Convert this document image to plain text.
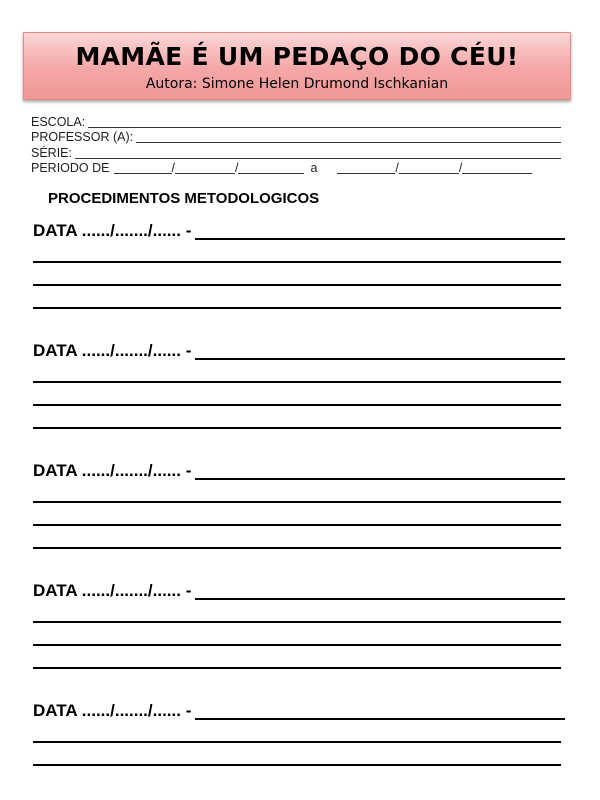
MAMÃE É UM PEDAÇO DO CÉU!
Autora: Simone Helen Drumond Ischkanian
ESCOLA:
PROFESSOR (A):
SÉRIE:
PERIODO DE	/	/	a	/	/
PROCEDIMENTOS METODOLOGICOS
DATA ....../......./...... -
DATA ....../......./...... -
DATA ....../......./...... -
DATA ....../......./...... -
DATA ....../......./...... -
